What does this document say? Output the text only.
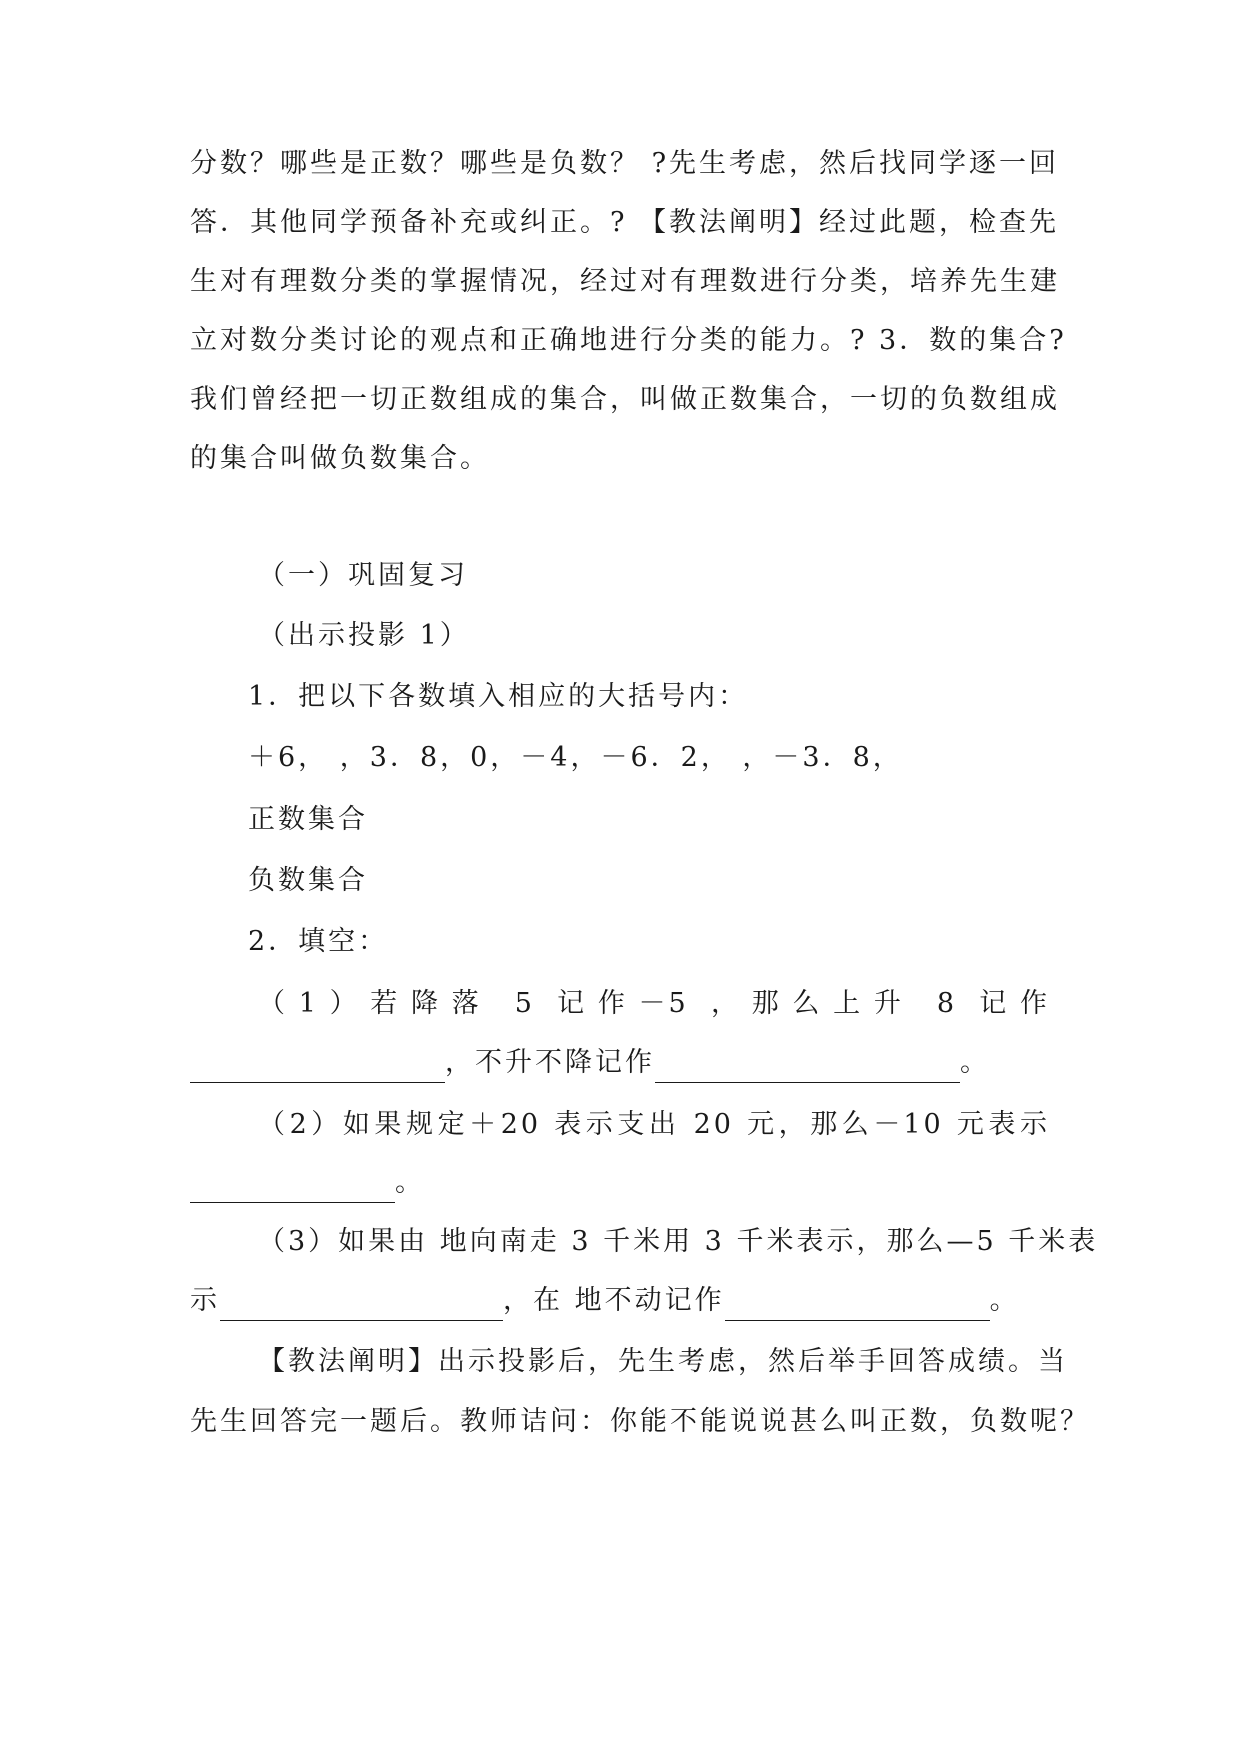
分数？哪些是正数？哪些是负数？ ?先生考虑，然后找同学逐一回
答．其他同学预备补充或纠正。? 【教法阐明】经过此题，检查先
生对有理数分类的掌握情况，经过对有理数进行分类，培养先生建
立对数分类讨论的观点和正确地进行分类的能力。? 3．数的集合?
我们曾经把一切正数组成的集合，叫做正数集合，一切的负数组成
的集合叫做负数集合。
（一）巩固复习
（出示投影 1）
1．把以下各数填入相应的大括号内：
＋6， ，3．8，0，－4，－6．2， ，－3．8，
正数集合
负数集合
2．填空：
（1）若降落 5 记作－5 ，那么上升 8 记作
，不升不降记作	。
（2）如果规定＋20 表示支出 20 元，那么－10 元表示
。
（3）如果由 地向南走 3 千米用 3 千米表示，那么—5 千米表
示	，在 地不动记作	。
【教法阐明】出示投影后，先生考虑，然后举手回答成绩。当
先生回答完一题后。教师诘问：你能不能说说甚么叫正数，负数呢？
